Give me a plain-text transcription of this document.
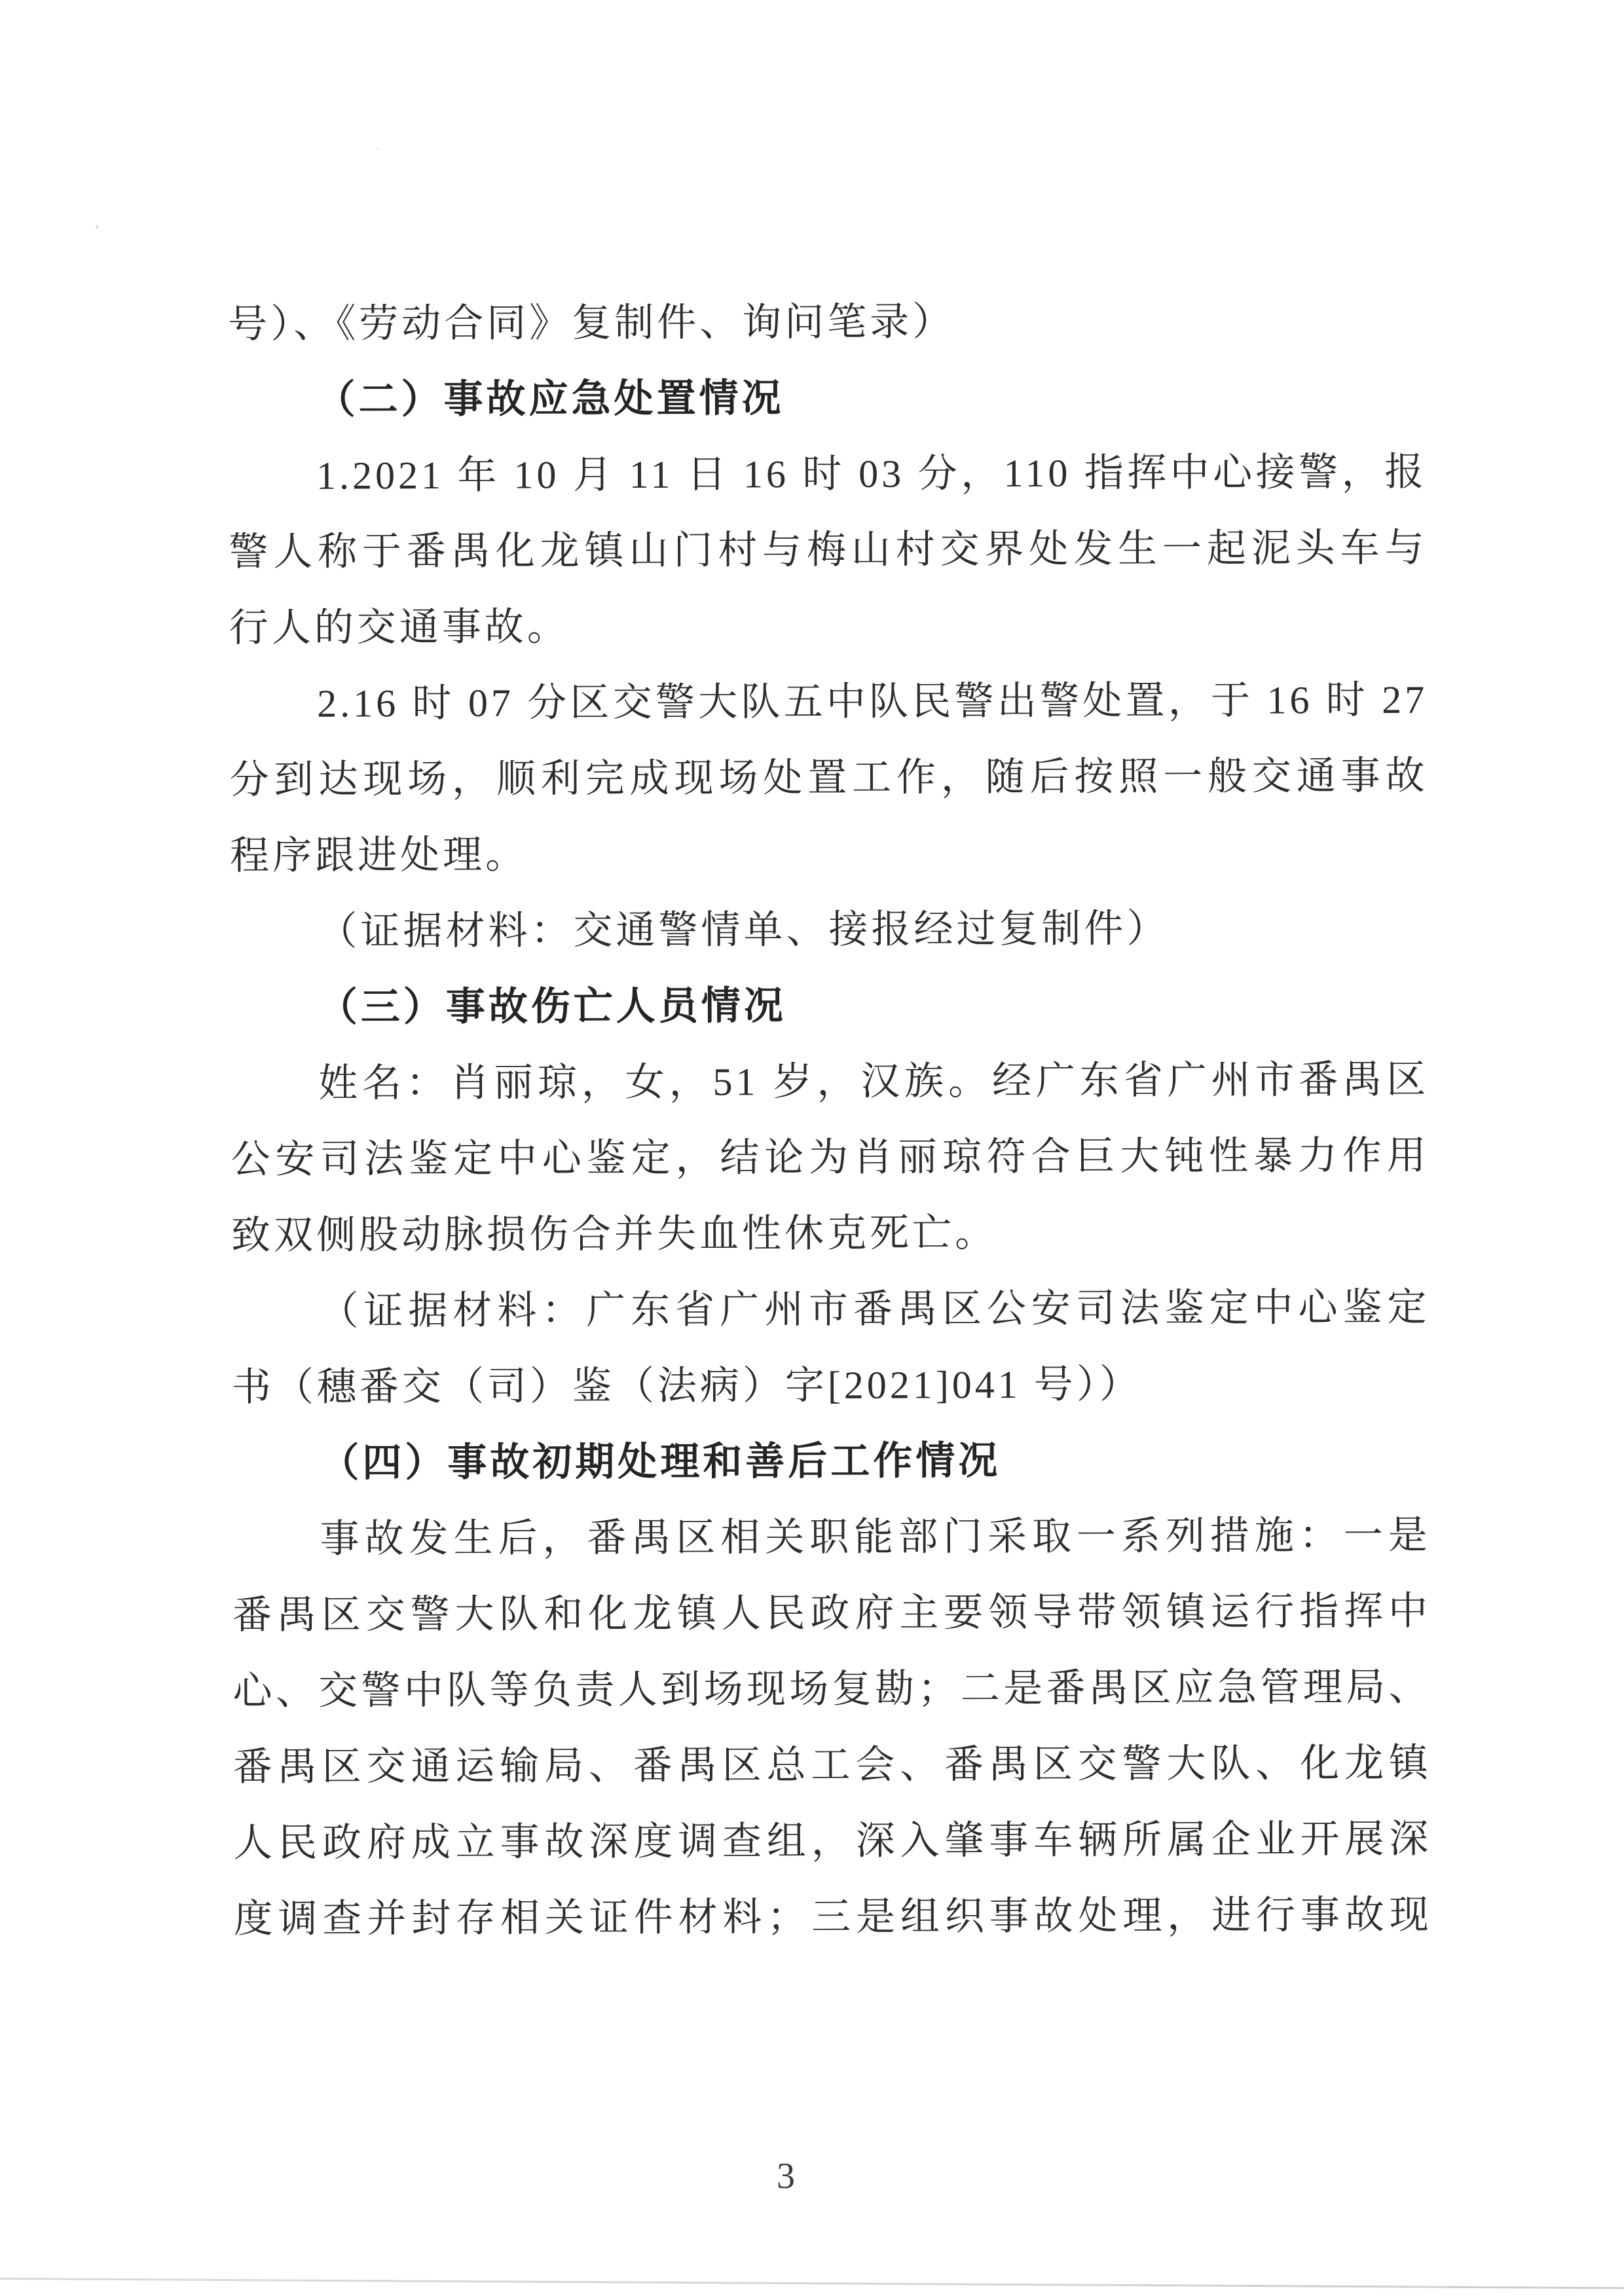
号）、《劳动合同》复制件、询问笔录）
（二）事故应急处置情况
1.2021 年 10 月 11 日 16 时 03 分，110 指挥中心接警，报
警人称于番禺化龙镇山门村与梅山村交界处发生一起泥头车与
行人的交通事故。
2.16 时 07 分区交警大队五中队民警出警处置，于 16 时 27
分到达现场，顺利完成现场处置工作，随后按照一般交通事故
程序跟进处理。
（证据材料：交通警情单、接报经过复制件）
（三）事故伤亡人员情况
姓名：肖丽琼，女，51 岁，汉族。经广东省广州市番禺区
公安司法鉴定中心鉴定，结论为肖丽琼符合巨大钝性暴力作用
致双侧股动脉损伤合并失血性休克死亡。
（证据材料：广东省广州市番禺区公安司法鉴定中心鉴定
书（穗番交（司）鉴（法病）字[2021]041 号））
（四）事故初期处理和善后工作情况
事故发生后，番禺区相关职能部门采取一系列措施：一是
番禺区交警大队和化龙镇人民政府主要领导带领镇运行指挥中
心、交警中队等负责人到场现场复勘；二是番禺区应急管理局、
番禺区交通运输局、番禺区总工会、番禺区交警大队、化龙镇
人民政府成立事故深度调查组，深入肇事车辆所属企业开展深
度调查并封存相关证件材料；三是组织事故处理，进行事故现
3
